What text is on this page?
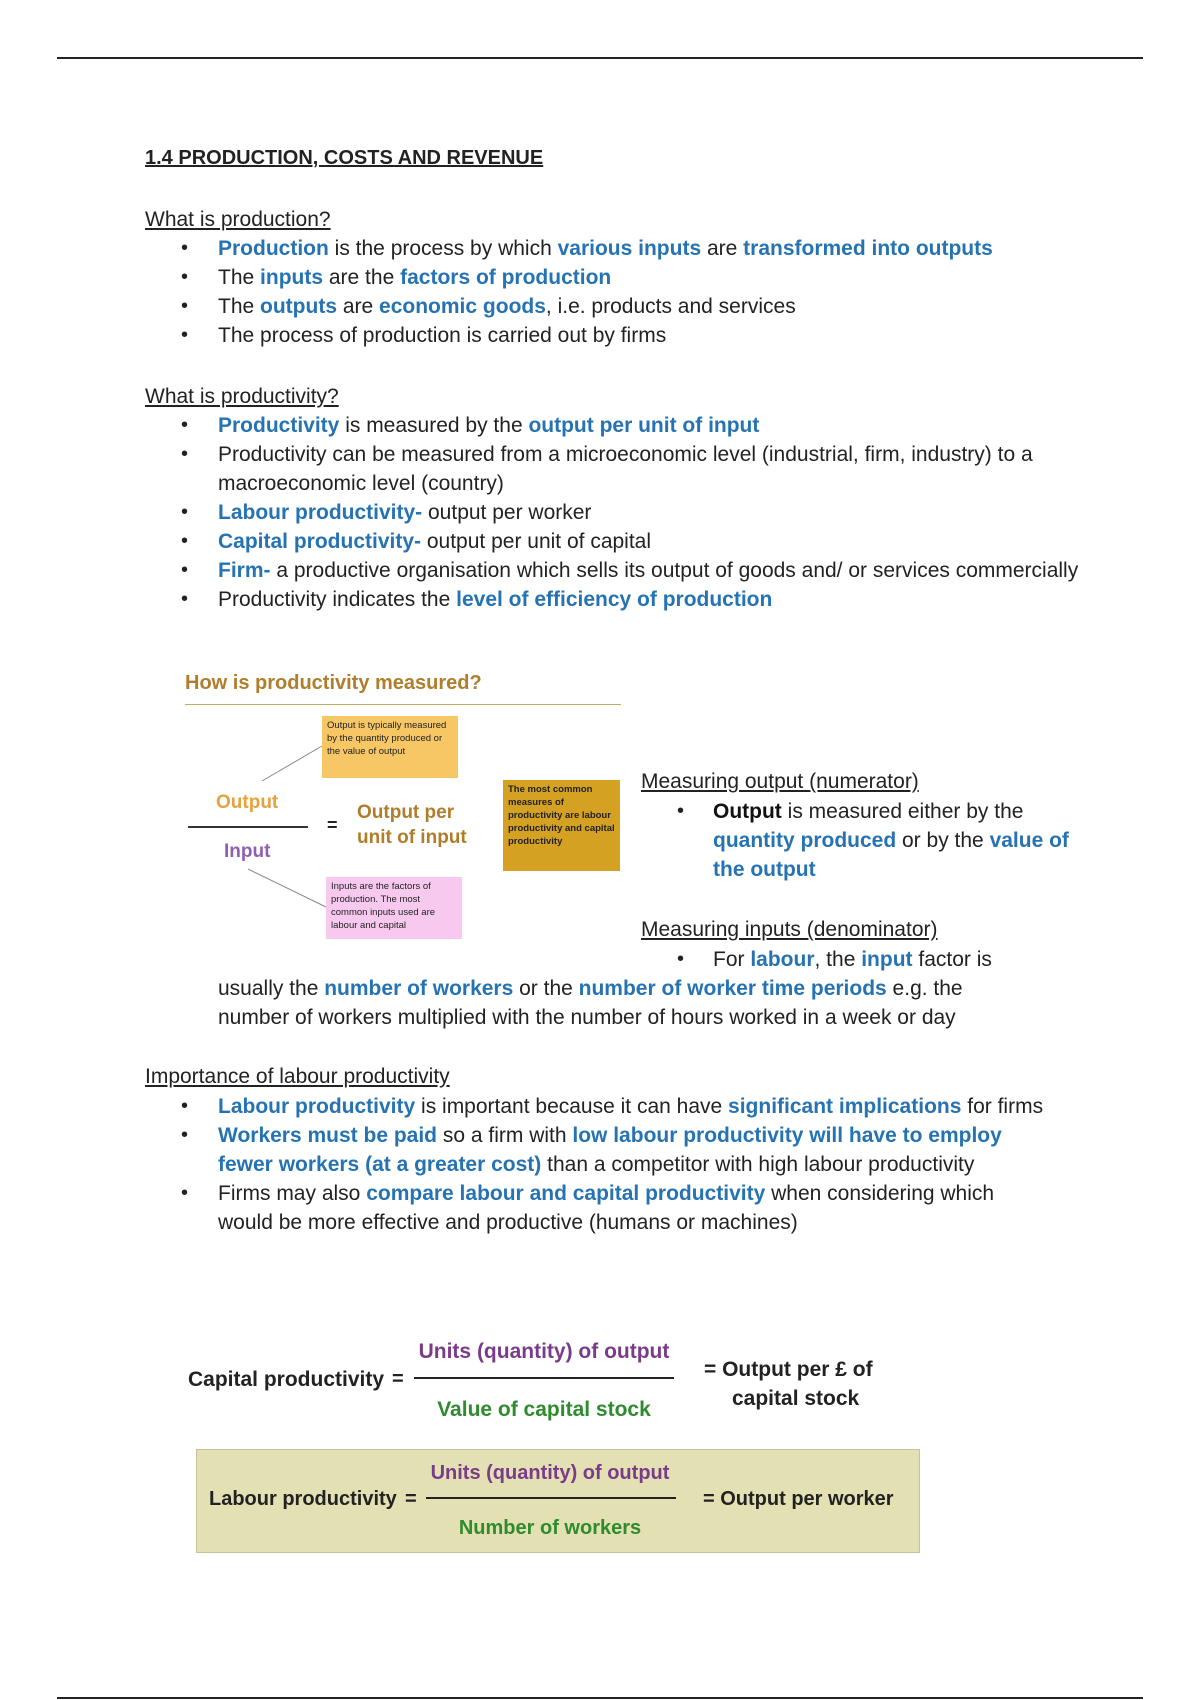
1.4 PRODUCTION, COSTS AND REVENUE
What is production?
• Production is the process by which various inputs are transformed into outputs
• The inputs are the factors of production
• The outputs are economic goods, i.e. products and services
• The process of production is carried out by firms
What is productivity?
• Productivity is measured by the output per unit of input
• Productivity can be measured from a microeconomic level (industrial, firm, industry) to a macroeconomic level (country)
• Labour productivity- output per worker
• Capital productivity- output per unit of capital
• Firm- a productive organisation which sells its output of goods and/ or services commercially
• Productivity indicates the level of efficiency of production
How is productivity measured?
Output is typically measured by the quantity produced or the value of output
The most common measures of productivity are labour productivity and capital productivity
Inputs are the factors of production. The most common inputs used are labour and capital
Output
Input
=
Output per unit of input
Measuring output (numerator)
• Output is measured either by the quantity produced or by the value of the output
Measuring inputs (denominator)
• For labour, the input factor is
usually the number of workers or the number of worker time periods e.g. the
number of workers multiplied with the number of hours worked in a week or day
Importance of labour productivity
• Labour productivity is important because it can have significant implications for firms
• Workers must be paid so a firm with low labour productivity will have to employ fewer workers (at a greater cost) than a competitor with high labour productivity
• Firms may also compare labour and capital productivity when considering which would be more effective and productive (humans or machines)
Capital productivity =
Units (quantity) of output
Value of capital stock
= Output per £ of
capital stock
Labour productivity =
Units (quantity) of output
Number of workers
= Output per worker
